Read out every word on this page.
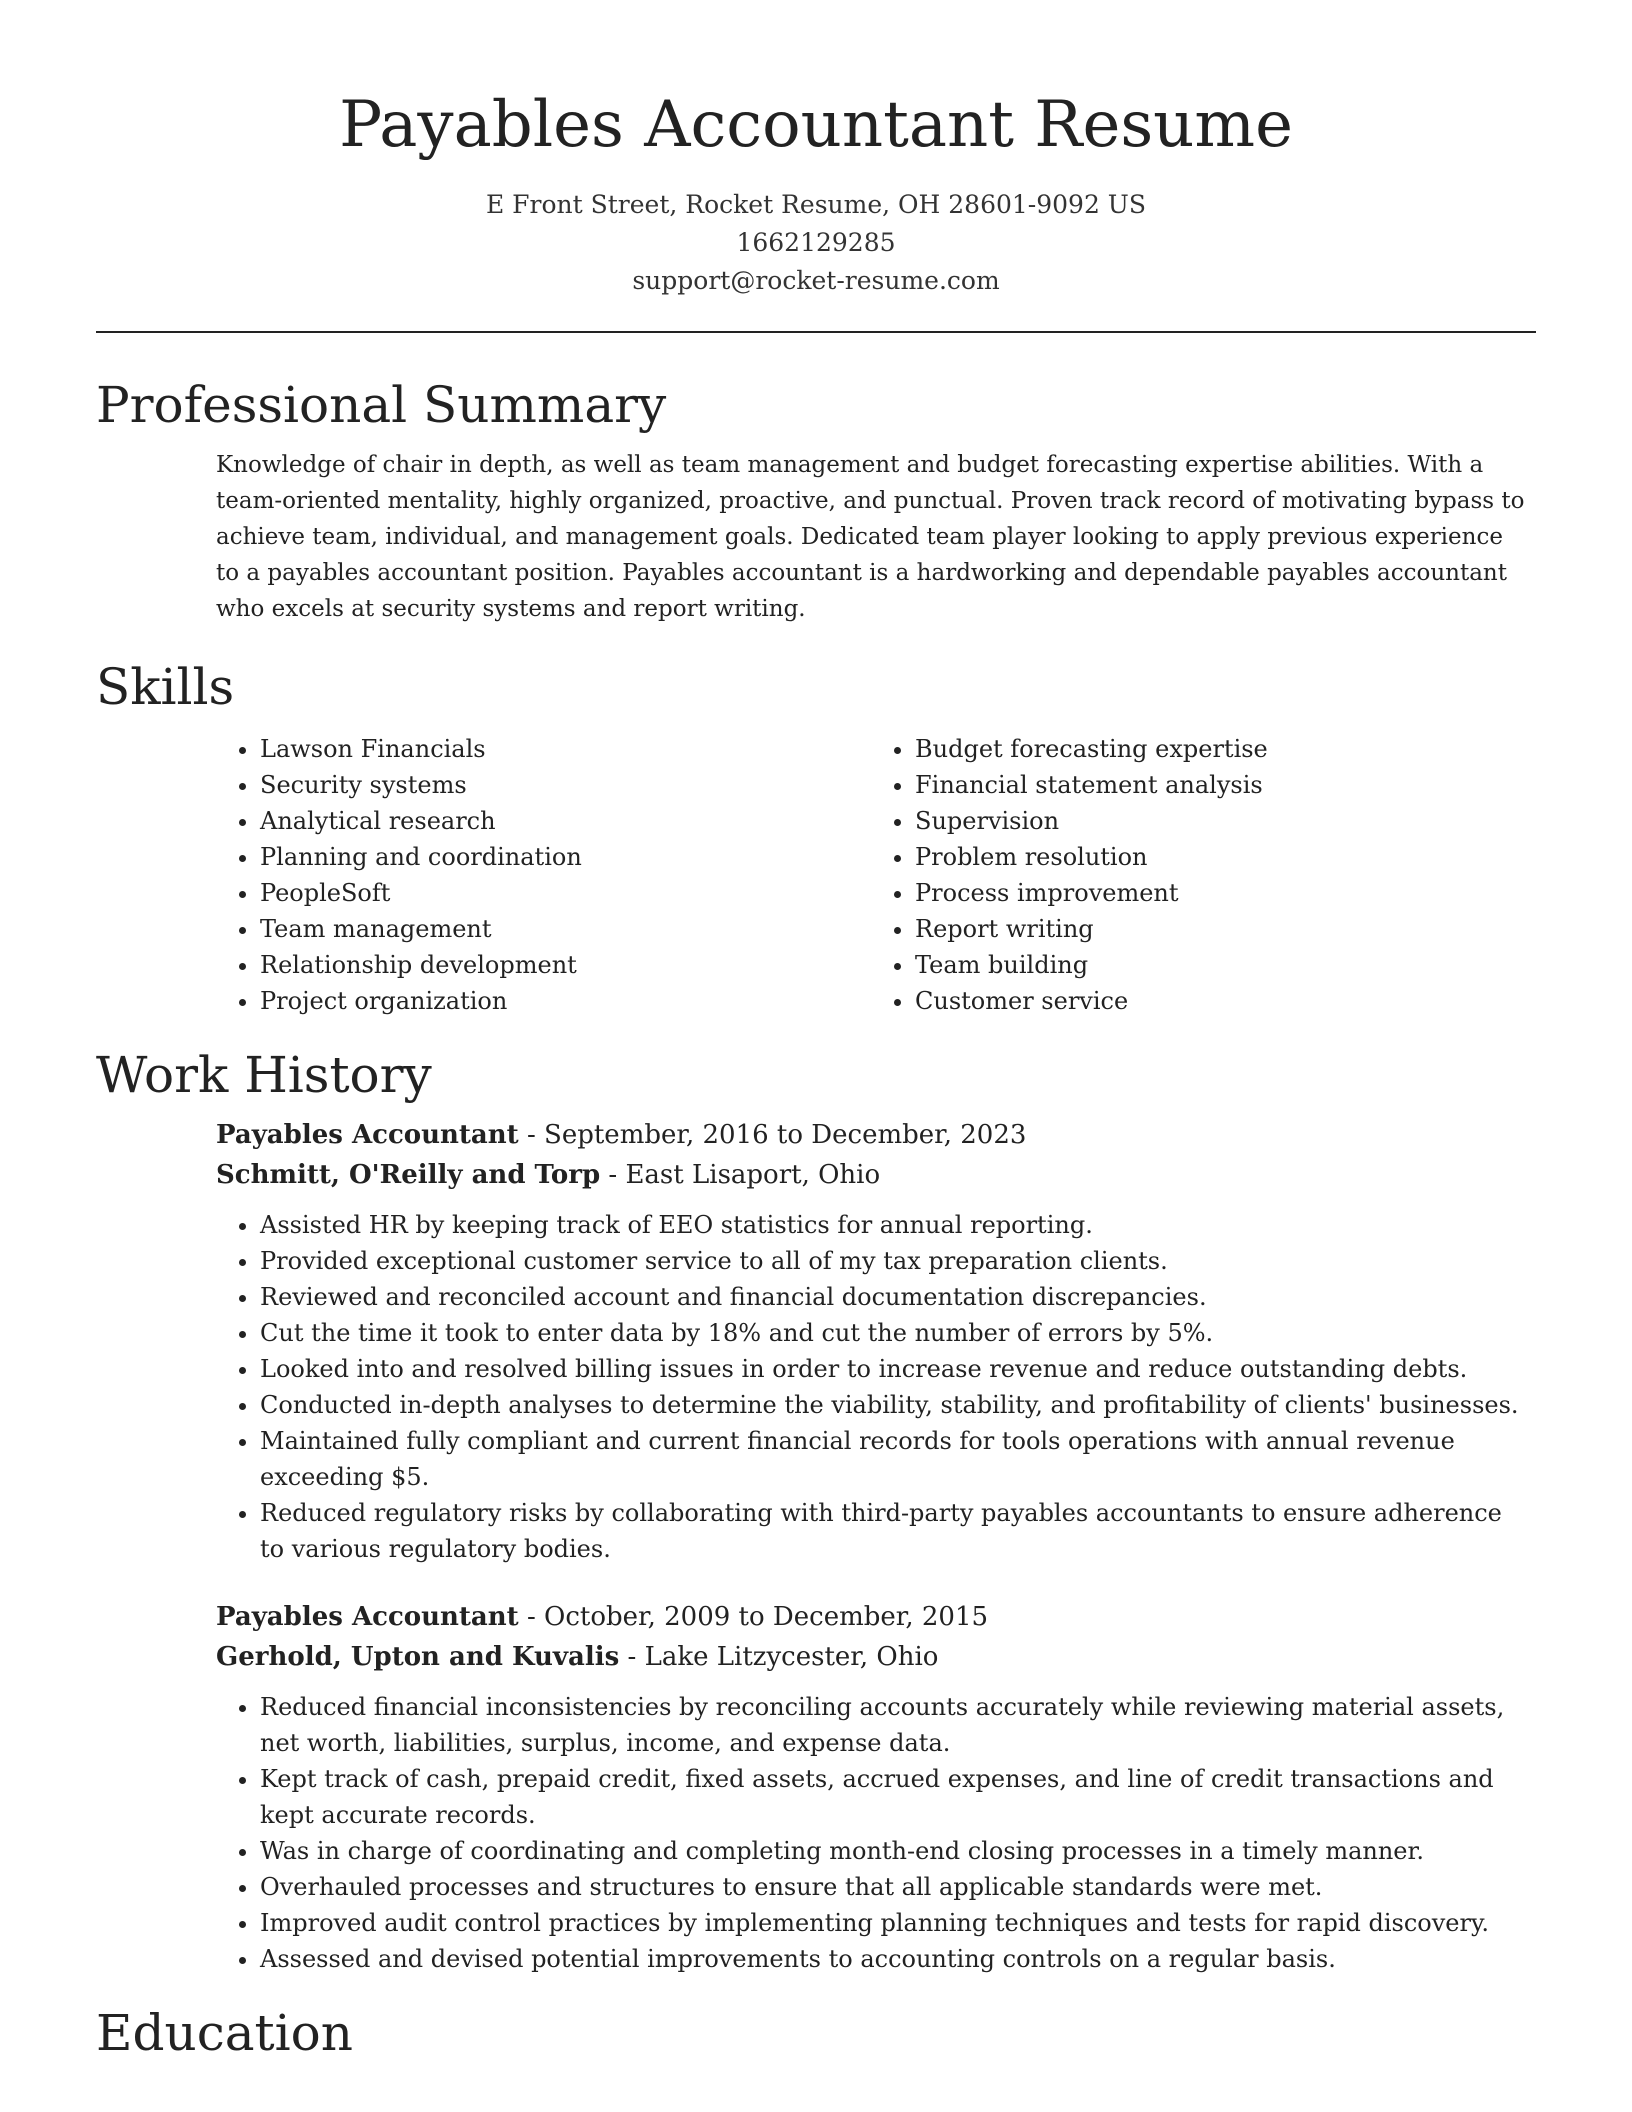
Payables Accountant Resume
E Front Street, Rocket Resume, OH 28601-9092 US
1662129285
support@rocket-resume.com
Professional Summary

Knowledge of chair in depth, as well as team management and budget forecasting expertise abilities. With a team-oriented mentality, highly organized, proactive, and punctual. Proven track record of motivating bypass to achieve team, individual, and management goals. Dedicated team player looking to apply previous experience to a payables accountant position. Payables accountant is a hardworking and dependable payables accountant who excels at security systems and report writing.

Skills
• Lawson Financials
• Security systems
• Analytical research
• Planning and coordination
• PeopleSoft
• Team management
• Relationship development
• Project organization
• Budget forecasting expertise
• Financial statement analysis
• Supervision
• Problem resolution
• Process improvement
• Report writing
• Team building
• Customer service
Work History
Payables Accountant - September, 2016 to December, 2023
Schmitt, O'Reilly and Torp - East Lisaport, Ohio
• Assisted HR by keeping track of EEO statistics for annual reporting.
• Provided exceptional customer service to all of my tax preparation clients.
• Reviewed and reconciled account and financial documentation discrepancies.
• Cut the time it took to enter data by 18% and cut the number of errors by 5%.
• Looked into and resolved billing issues in order to increase revenue and reduce outstanding debts.
• Conducted in-depth analyses to determine the viability, stability, and profitability of clients' businesses.
• Maintained fully compliant and current financial records for tools operations with annual revenue exceeding $5.
• Reduced regulatory risks by collaborating with third-party payables accountants to ensure adherence to various regulatory bodies.
Payables Accountant - October, 2009 to December, 2015
Gerhold, Upton and Kuvalis - Lake Litzycester, Ohio
• Reduced financial inconsistencies by reconciling accounts accurately while reviewing material assets, net worth, liabilities, surplus, income, and expense data.
• Kept track of cash, prepaid credit, fixed assets, accrued expenses, and line of credit transactions and kept accurate records.
• Was in charge of coordinating and completing month-end closing processes in a timely manner.
• Overhauled processes and structures to ensure that all applicable standards were met.
• Improved audit control practices by implementing planning techniques and tests for rapid discovery.
• Assessed and devised potential improvements to accounting controls on a regular basis.
Education
